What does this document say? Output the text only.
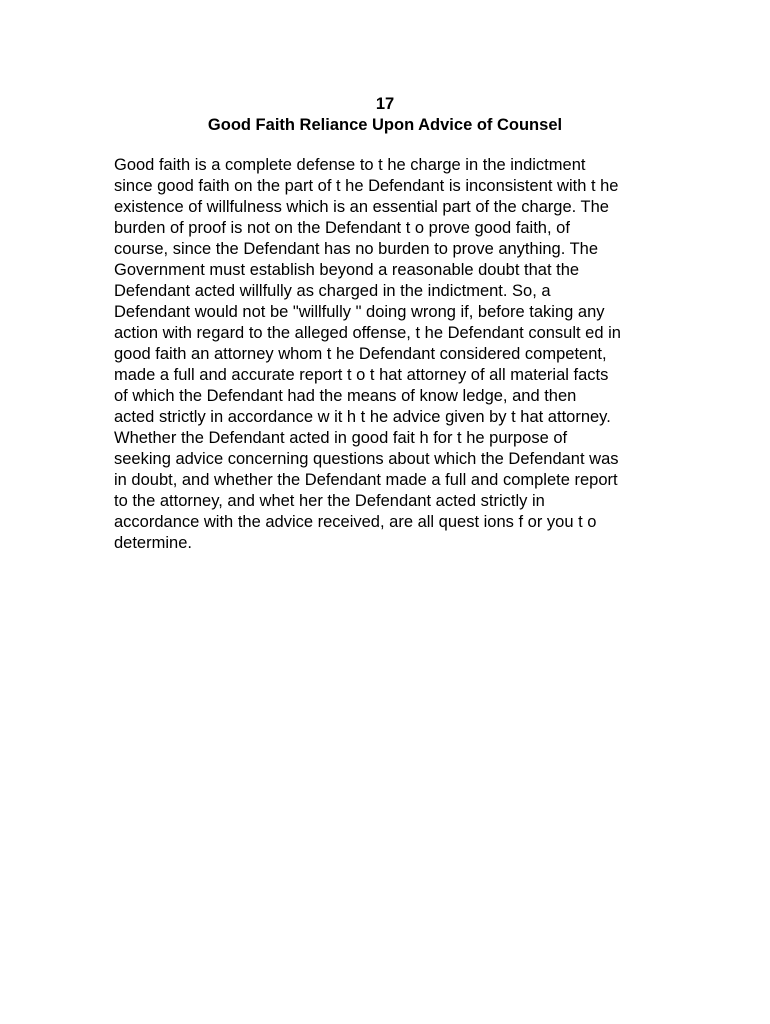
17
Good Faith Reliance Upon Advice of Counsel
Good faith is a complete defense to t he charge in the indictment
since good faith on the part of t he Defendant is inconsistent with t he
existence of willfulness which is an essential part of the charge. The
burden of proof is not on the Defendant t o prove good faith, of
course, since the Defendant has no burden to prove anything. The
Government must establish beyond a reasonable doubt that the
Defendant acted willfully as charged in the indictment. So, a
Defendant would not be "willfully " doing wrong if, before taking any
action with regard to the alleged offense, t he Defendant consult ed in
good faith an attorney whom t he Defendant considered competent,
made a full and accurate report t o t hat attorney of all material facts
of which the Defendant had the means of know ledge, and then
acted strictly in accordance w it h t he advice given by t hat attorney.
Whether the Defendant acted in good fait h for t he purpose of
seeking advice concerning questions about which the Defendant was
in doubt, and whether the Defendant made a full and complete report
to the attorney, and whet her the Defendant acted strictly in
accordance with the advice received, are all quest ions f or you t o
determine.
